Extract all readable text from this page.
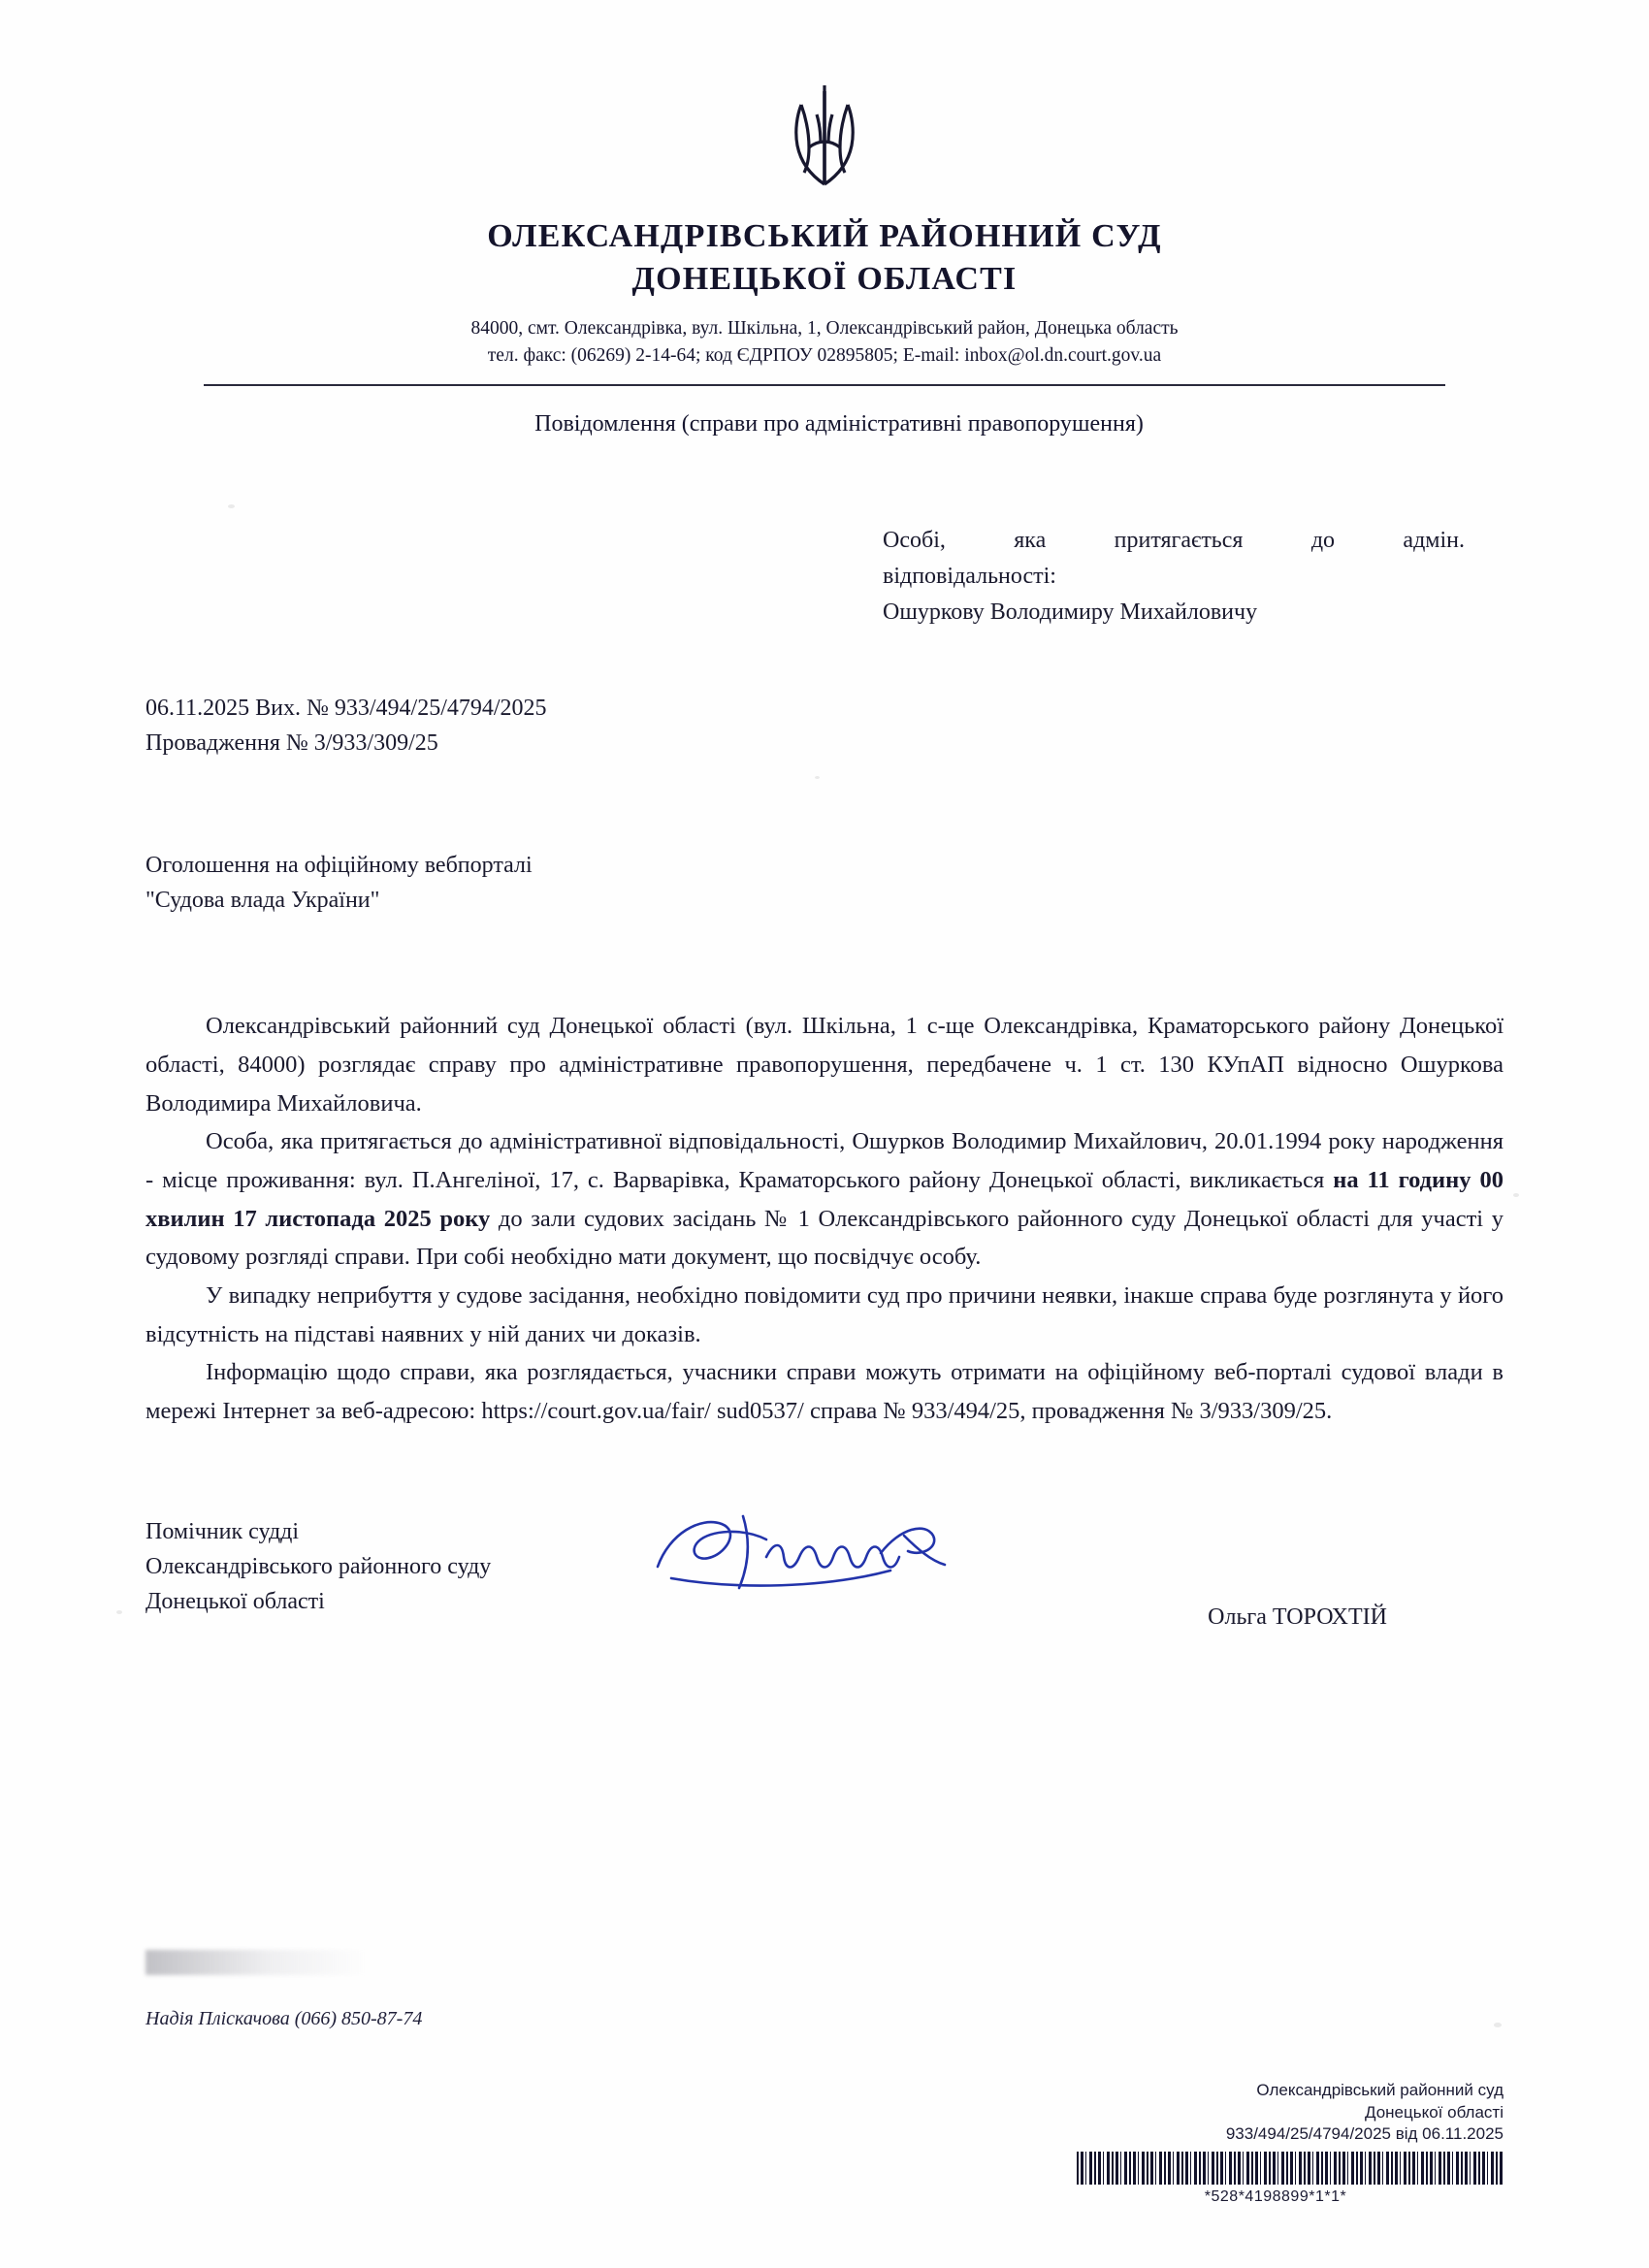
ОЛЕКСАНДРІВСЬКИЙ РАЙОННИЙ СУД
ДОНЕЦЬКОЇ ОБЛАСТІ
84000, смт. Олександрівка, вул. Шкільна, 1, Олександрівський район, Донецька область
тел. факс: (06269) 2-14-64; код ЄДРПОУ 02895805; E-mail: inbox@ol.dn.court.gov.ua
Повідомлення (справи про адміністративні правопорушення)
Особі, яка притягається до адмін.
відповідальності:
Ошуркову Володимиру Михайловичу
06.11.2025 Вих. № 933/494/25/4794/2025
Провадження № 3/933/309/25
Оголошення на офіційному вебпорталі
"Судова влада України"

Олександрівський районний суд Донецької області (вул. Шкільна, 1 с-ще Олександрівка, Краматорського району Донецької області, 84000) розглядає справу про адміністративне правопорушення, передбачене ч. 1 ст. 130 КУпАП відносно Ошуркова Володимира Михайловича.

Особа, яка притягається до адміністративної відповідальності, Ошурков Володимир Михайлович, 20.01.1994 року народження - місце проживання: вул. П.Ангеліної, 17, с. Варварівка, Краматорського району Донецької області, викликається на 11 годину 00 хвилин 17 листопада 2025 року до зали судових засідань № 1 Олександрівського районного суду Донецької області для участі у судовому розгляді справи. При собі необхідно мати документ, що посвідчує особу.

У випадку неприбуття у судове засідання, необхідно повідомити суд про причини неявки, інакше справа буде розглянута у його відсутність на підставі наявних у ній даних чи доказів.

Інформацію щодо справи, яка розглядається, учасники справи можуть отримати на офіційному веб-порталі судової влади в мережі Інтернет за веб-адресою: https://court.gov.ua/fair/ sud0537/ справа № 933/494/25, провадження № 3/933/309/25.

Помічник судді
Олександрівського районного суду
Донецької області
Ольга ТОРОХТІЙ
Надія Пліскачова (066) 850-87-74
Олександрівський районний суд
Донецької області
933/494/25/4794/2025 від 06.11.2025
*528*4198899*1*1*
